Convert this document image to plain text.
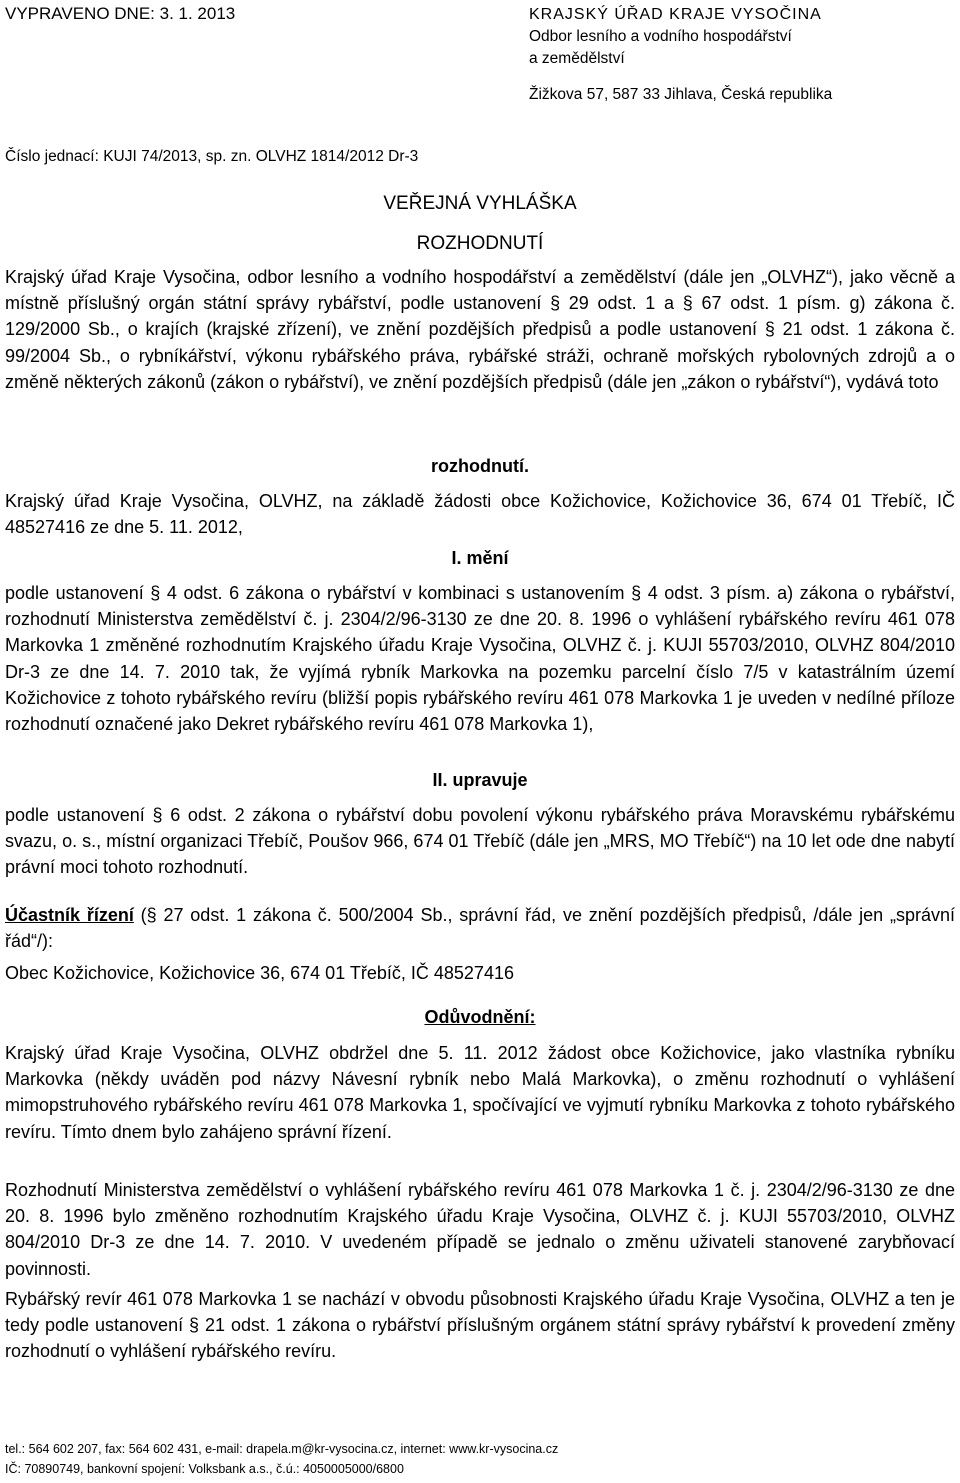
VYPRAVENO DNE: 3. 1. 2013	KRAJSKÝ ÚŘAD KRAJE VYSOČINA
Odbor lesního a vodního hospodářství
a zemědělství
Žižkova 57, 587 33 Jihlava, Česká republika
Číslo jednací: KUJI 74/2013, sp. zn. OLVHZ 1814/2012 Dr-3
VEŘEJNÁ VYHLÁŠKA
ROZHODNUTÍ

Krajský úřad Kraje Vysočina, odbor lesního a vodního hospodářství a zemědělství (dále jen „OLVHZ“), jako věcně a místně příslušný orgán státní správy rybářství, podle ustanovení § 29 odst. 1 a § 67 odst. 1 písm. g) zákona č. 129/2000 Sb., o krajích (krajské zřízení), ve znění pozdějších předpisů a podle ustanovení § 21 odst. 1 zákona č. 99/2004 Sb., o rybníkářství, výkonu rybářského práva, rybářské stráži, ochraně mořských rybolovných zdrojů a o změně některých zákonů (zákon o rybářství), ve znění pozdějších předpisů (dále jen „zákon o rybářství“), vydává toto

rozhodnutí.

Krajský úřad Kraje Vysočina, OLVHZ, na základě žádosti obce Kožichovice, Kožichovice 36, 674 01 Třebíč, IČ 48527416 ze dne 5. 11. 2012,

I. mění

podle ustanovení § 4 odst. 6 zákona o rybářství v kombinaci s ustanovením § 4 odst. 3 písm. a) zákona o rybářství, rozhodnutí Ministerstva zemědělství č. j. 2304/2/96-3130 ze dne 20. 8. 1996 o vyhlášení rybářského revíru 461 078 Markovka 1 změněné rozhodnutím Krajského úřadu Kraje Vysočina, OLVHZ č. j. KUJI 55703/2010, OLVHZ 804/2010 Dr-3 ze dne 14. 7. 2010 tak, že vyjímá rybník Markovka na pozemku parcelní číslo 7/5 v katastrálním území Kožichovice z tohoto rybářského revíru (bližší popis rybářského revíru 461 078 Markovka 1 je uveden v nedílné příloze rozhodnutí označené jako Dekret rybářského revíru 461 078 Markovka 1),

II. upravuje

podle ustanovení § 6 odst. 2 zákona o rybářství dobu povolení výkonu rybářského práva Moravskému rybářskému svazu, o. s., místní organizaci Třebíč, Poušov 966, 674 01 Třebíč (dále jen „MRS, MO Třebíč“) na 10 let ode dne nabytí právní moci tohoto rozhodnutí.

Účastník řízení (§ 27 odst. 1 zákona č. 500/2004 Sb., správní řád, ve znění pozdějších předpisů, /dále jen „správní řád“/):

Obec Kožichovice, Kožichovice 36, 674 01 Třebíč, IČ 48527416

Odůvodnění:

Krajský úřad Kraje Vysočina, OLVHZ obdržel dne 5. 11. 2012 žádost obce Kožichovice, jako vlastníka rybníku Markovka (někdy uváděn pod názvy Návesní rybník nebo Malá Markovka), o změnu rozhodnutí o vyhlášení mimopstruhového rybářského revíru 461 078 Markovka 1, spočívající ve vyjmutí rybníku Markovka z tohoto rybářského revíru. Tímto dnem bylo zahájeno správní řízení.

Rozhodnutí Ministerstva zemědělství o vyhlášení rybářského revíru 461 078 Markovka 1 č. j. 2304/2/96-3130 ze dne 20. 8. 1996 bylo změněno rozhodnutím Krajského úřadu Kraje Vysočina, OLVHZ č. j. KUJI 55703/2010, OLVHZ 804/2010 Dr-3 ze dne 14. 7. 2010. V uvedeném případě se jednalo o změnu uživateli stanovené zarybňovací povinnosti.

Rybářský revír 461 078 Markovka 1 se nachází v obvodu působnosti Krajského úřadu Kraje Vysočina, OLVHZ a ten je tedy podle ustanovení § 21 odst. 1 zákona o rybářství příslušným orgánem státní správy rybářství k provedení změny rozhodnutí o vyhlášení rybářského revíru.

tel.: 564 602 207, fax: 564 602 431, e-mail: drapela.m@kr-vysocina.cz, internet: www.kr-vysocina.cz
IČ: 70890749, bankovní spojení: Volksbank a.s., č.ú.: 4050005000/6800
